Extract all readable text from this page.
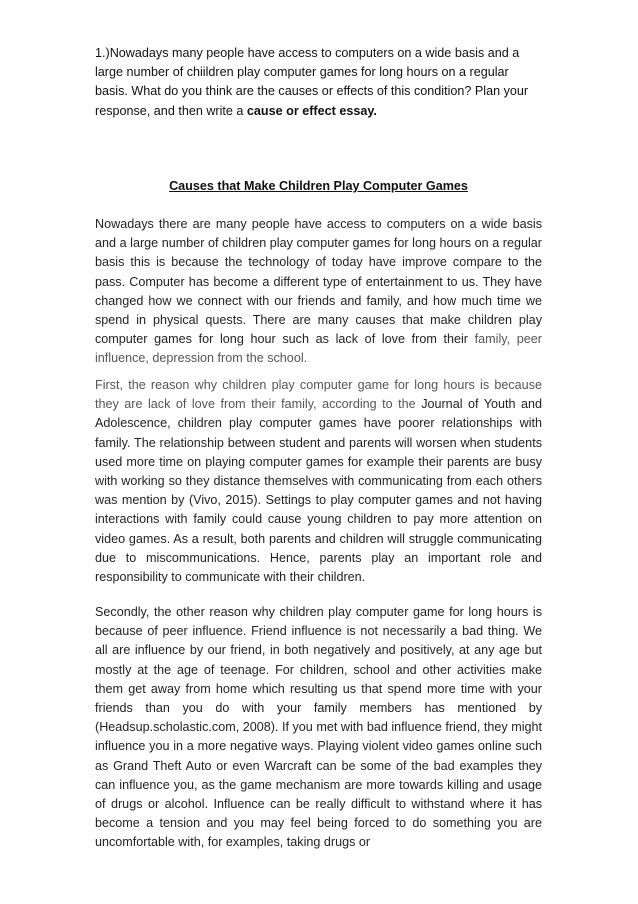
1.)Nowadays many people have access to computers on a wide basis and a large number of chiildren play computer games for long hours on a regular basis. What do you think are the causes or effects of this condition? Plan your response, and then write a cause or effect essay.

Causes that Make Children Play Computer Games

Nowadays there are many people have access to computers on a wide basis and a large number of children play computer games for long hours on a regular basis this is because the technology of today have improve compare to the pass. Computer has become a different type of entertainment to us. They have changed how we connect with our friends and family, and how much time we spend in physical quests. There are many causes that make children play computer games for long hour such as lack of love from their family, peer influence, depression from the school.

First, the reason why children play computer game for long hours is because they are lack of love from their family, according to the Journal of Youth and Adolescence, children play computer games have poorer relationships with family. The relationship between student and parents will worsen when students used more time on playing computer games for example their parents are busy with working so they distance themselves with communicating from each others was mention by (Vivo, 2015). Settings to play computer games and not having interactions with family could cause young children to pay more attention on video games. As a result, both parents and children will struggle communicating due to miscommunications. Hence, parents play an important role and responsibility to communicate with their children.

Secondly, the other reason why children play computer game for long hours is because of peer influence. Friend influence is not necessarily a bad thing. We all are influence by our friend, in both negatively and positively, at any age but mostly at the age of teenage. For children, school and other activities make them get away from home which resulting us that spend more time with your friends than you do with your family members has mentioned by (Headsup.scholastic.com, 2008). If you met with bad influence friend, they might influence you in a more negative ways. Playing violent video games online such as Grand Theft Auto or even Warcraft can be some of the bad examples they can influence you, as the game mechanism are more towards killing and usage of drugs or alcohol. Influence can be really difficult to withstand where it has become a tension and you may feel being forced to do something you are uncomfortable with, for examples, taking drugs or
